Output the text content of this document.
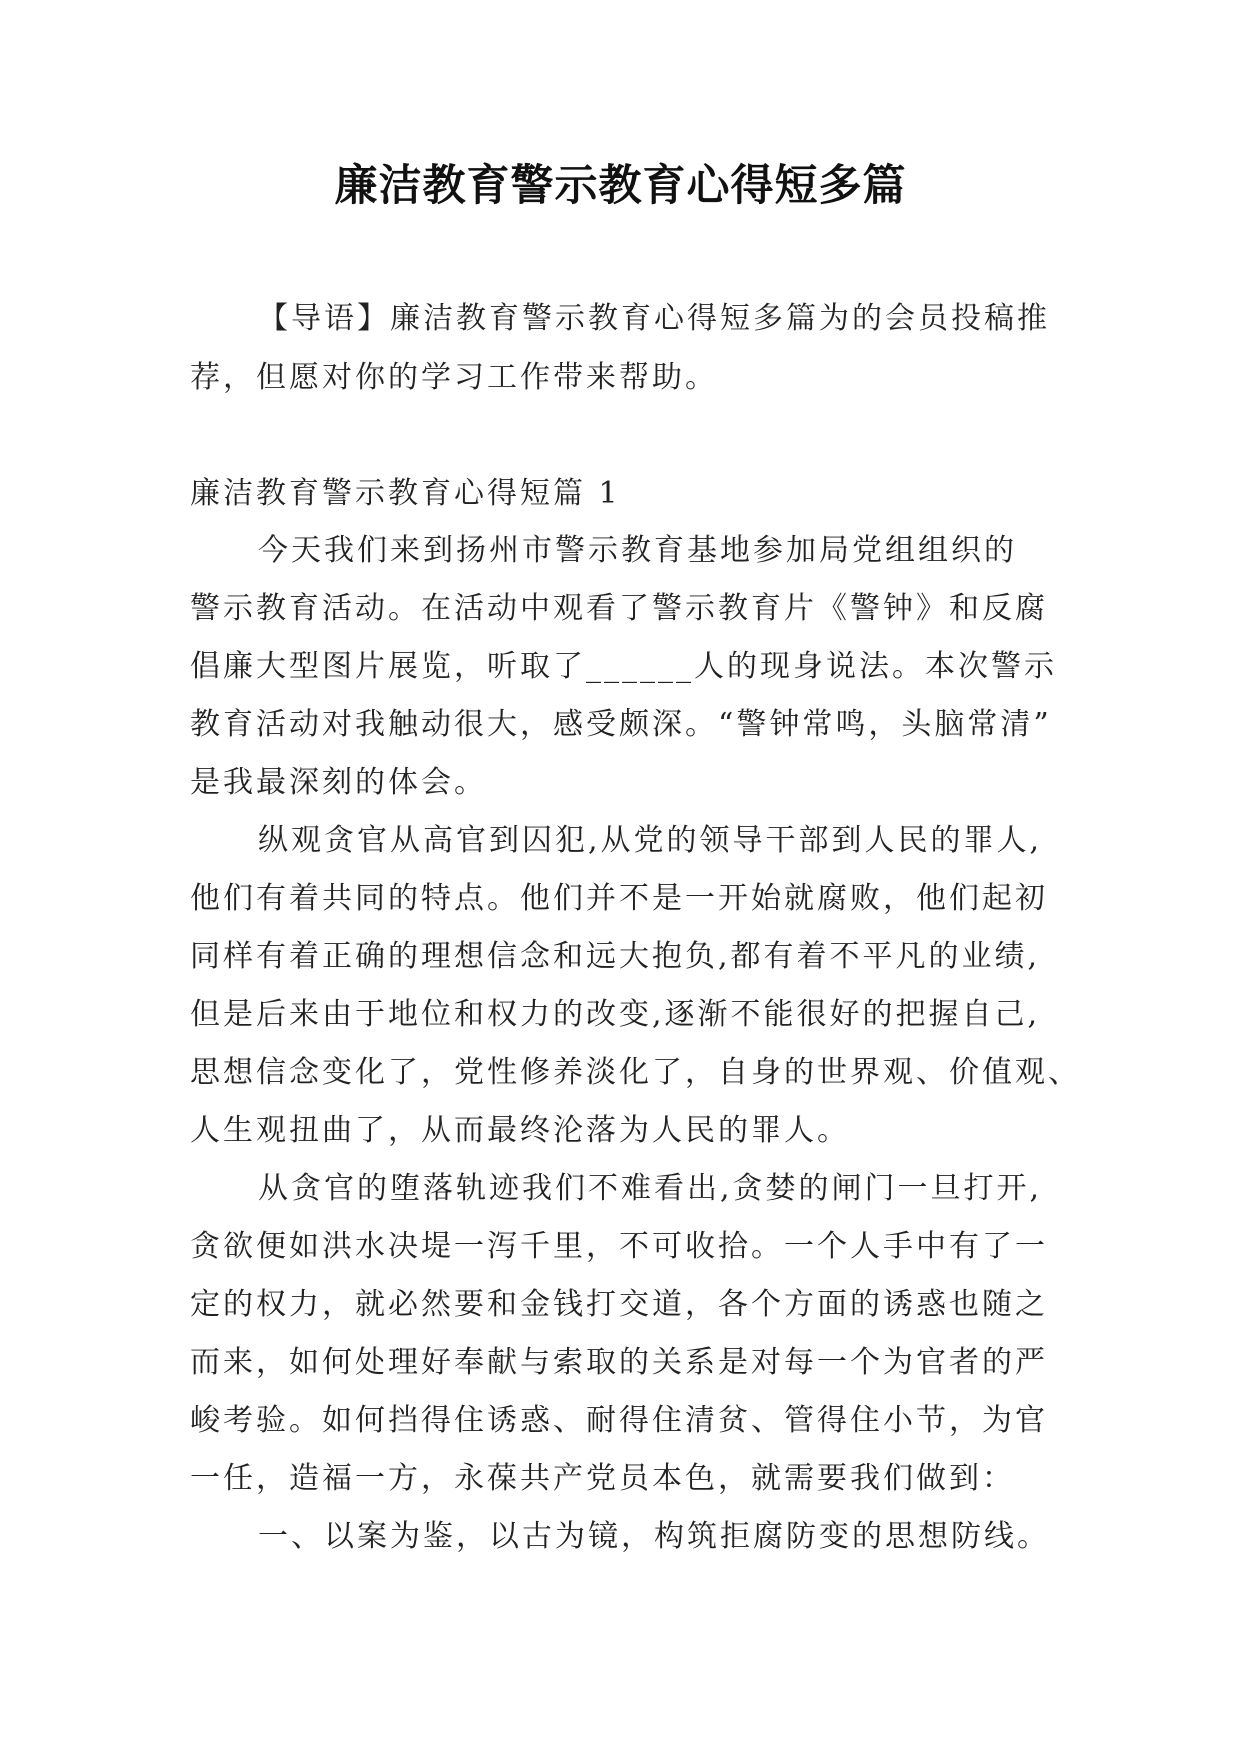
廉洁教育警示教育心得短多篇
【导语】廉洁教育警示教育心得短多篇为的会员投稿推
荐，但愿对你的学习工作带来帮助。
廉洁教育警示教育心得短篇 1
今天我们来到扬州市警示教育基地参加局党组组织的
警示教育活动。在活动中观看了警示教育片《警钟》和反腐
倡廉大型图片展览，听取了______人的现身说法。本次警示
教育活动对我触动很大，感受颇深。“警钟常鸣，头脑常清”
是我最深刻的体会。
纵观贪官从高官到囚犯,从党的领导干部到人民的罪人,
他们有着共同的特点。他们并不是一开始就腐败，他们起初
同样有着正确的理想信念和远大抱负,都有着不平凡的业绩,
但是后来由于地位和权力的改变,逐渐不能很好的把握自己,
思想信念变化了，党性修养淡化了，自身的世界观、价值观、
人生观扭曲了，从而最终沦落为人民的罪人。
从贪官的堕落轨迹我们不难看出,贪婪的闸门一旦打开,
贪欲便如洪水决堤一泻千里，不可收拾。一个人手中有了一
定的权力，就必然要和金钱打交道，各个方面的诱惑也随之
而来，如何处理好奉献与索取的关系是对每一个为官者的严
峻考验。如何挡得住诱惑、耐得住清贫、管得住小节，为官
一任，造福一方，永葆共产党员本色，就需要我们做到：
一、以案为鉴，以古为镜，构筑拒腐防变的思想防线。
